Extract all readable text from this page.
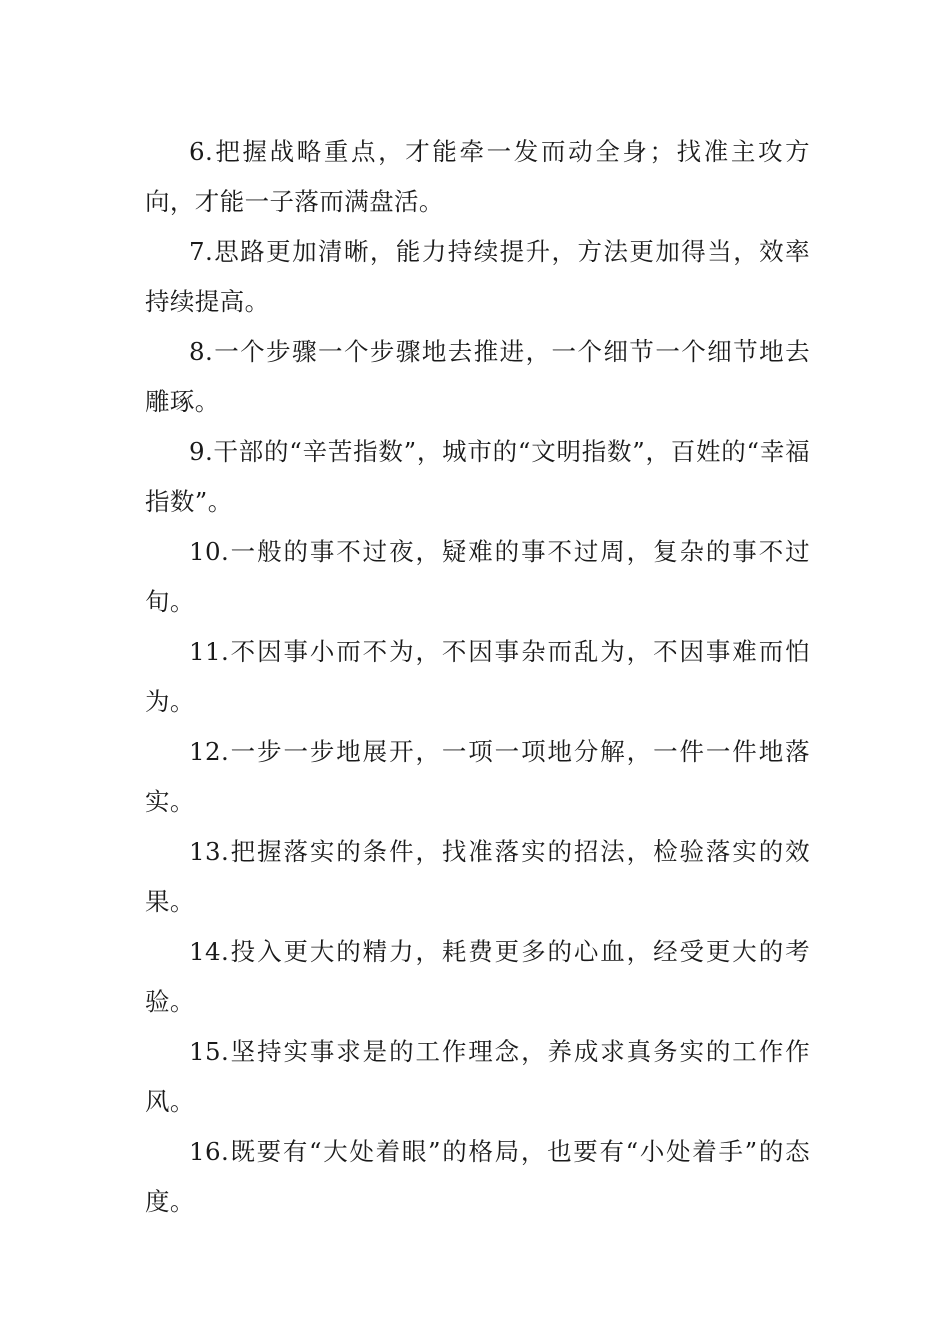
6.把握战略重点，才能牵一发而动全身；找准主攻方向，才能一子落而满盘活。

7.思路更加清晰，能力持续提升，方法更加得当，效率持续提高。

8.一个步骤一个步骤地去推进，一个细节一个细节地去雕琢。

9.干部的“辛苦指数”，城市的“文明指数”，百姓的“幸福指数”。

10.一般的事不过夜，疑难的事不过周，复杂的事不过旬。

11.不因事小而不为，不因事杂而乱为，不因事难而怕为。

12.一步一步地展开，一项一项地分解，一件一件地落实。

13.把握落实的条件，找准落实的招法，检验落实的效果。

14.投入更大的精力，耗费更多的心血，经受更大的考验。

15.坚持实事求是的工作理念，养成求真务实的工作作风。

16.既要有“大处着眼”的格局，也要有“小处着手”的态度。
